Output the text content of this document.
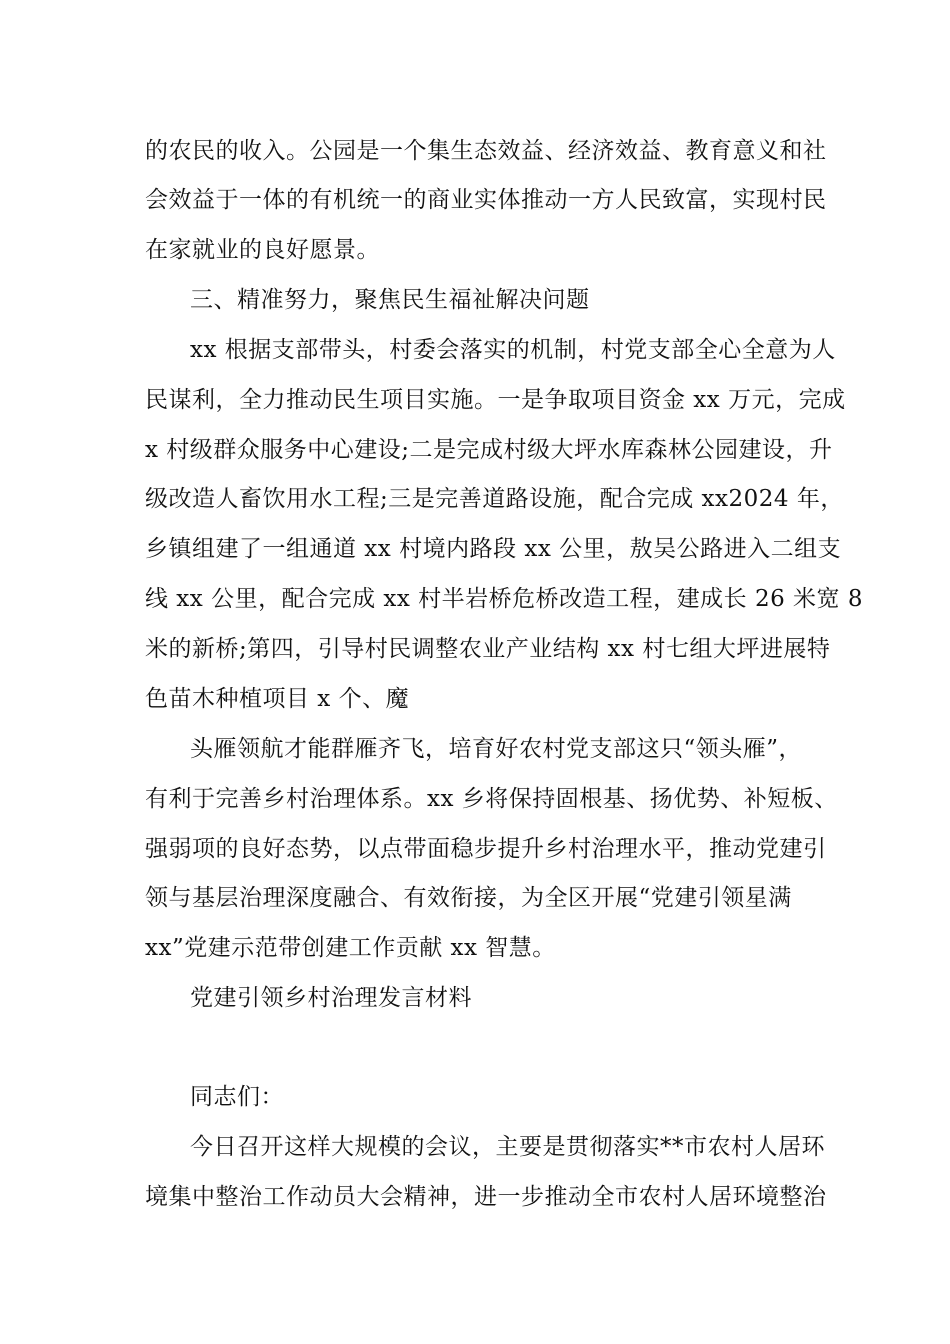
的农民的收入。公园是一个集生态效益、经济效益、教育意义和社
会效益于一体的有机统一的商业实体推动一方人民致富，实现村民
在家就业的良好愿景。
三、精准努力，聚焦民生福祉解决问题
xx 根据支部带头，村委会落实的机制，村党支部全心全意为人
民谋利，全力推动民生项目实施。一是争取项目资金 xx 万元，完成
x 村级群众服务中心建设;二是完成村级大坪水库森林公园建设，升
级改造人畜饮用水工程;三是完善道路设施，配合完成 xx2024 年，
乡镇组建了一组通道 xx 村境内路段 xx 公里，敖吴公路进入二组支
线 xx 公里，配合完成 xx 村半岩桥危桥改造工程，建成长 26 米宽 8
米的新桥;第四，引导村民调整农业产业结构 xx 村七组大坪进展特
色苗木种植项目 x 个、魔
头雁领航才能群雁齐飞，培育好农村党支部这只“领头雁”，
有利于完善乡村治理体系。xx 乡将保持固根基、扬优势、补短板、
强弱项的良好态势，以点带面稳步提升乡村治理水平，推动党建引
领与基层治理深度融合、有效衔接，为全区开展“党建引领星满
xx”党建示范带创建工作贡献 xx 智慧。
党建引领乡村治理发言材料
同志们：
今日召开这样大规模的会议，主要是贯彻落实**市农村人居环
境集中整治工作动员大会精神，进一步推动全市农村人居环境整治
